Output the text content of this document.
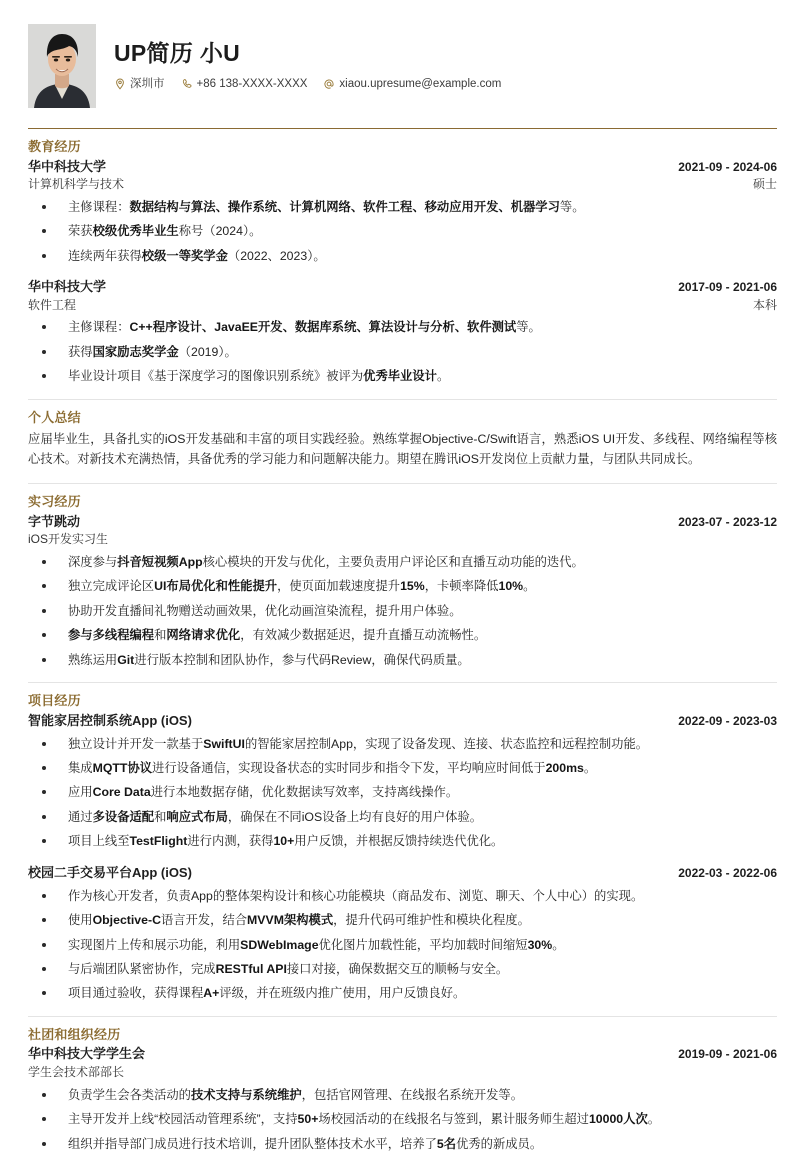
UP简历 小U
深圳市	+86 138-XXXX-XXXX	xiaou.upresume@example.com
教育经历
华中科技大学	2021-09 - 2024-06
计算机科学与技术	硕士
主修课程：数据结构与算法、操作系统、计算机网络、软件工程、移动应用开发、机器学习等。
荣获校级优秀毕业生称号（2024）。
连续两年获得校级一等奖学金（2022、2023）。
华中科技大学	2017-09 - 2021-06
软件工程	本科
主修课程：C++程序设计、JavaEE开发、数据库系统、算法设计与分析、软件测试等。
获得国家励志奖学金（2019）。
毕业设计项目《基于深度学习的图像识别系统》被评为优秀毕业设计。
个人总结

应届毕业生，具备扎实的iOS开发基础和丰富的项目实践经验。熟练掌握Objective-C/Swift语言，熟悉iOS UI开发、多线程、网络编程等核心技术。对新技术充满热情，具备优秀的学习能力和问题解决能力。期望在腾讯iOS开发岗位上贡献力量，与团队共同成长。

实习经历
字节跳动	2023-07 - 2023-12
iOS开发实习生
深度参与抖音短视频App核心模块的开发与优化，主要负责用户评论区和直播互动功能的迭代。
独立完成评论区UI布局优化和性能提升，使页面加载速度提升15%，卡顿率降低10%。
协助开发直播间礼物赠送动画效果，优化动画渲染流程，提升用户体验。
参与多线程编程和网络请求优化，有效减少数据延迟，提升直播互动流畅性。
熟练运用Git进行版本控制和团队协作，参与代码Review，确保代码质量。
项目经历
智能家居控制系统App (iOS)	2022-09 - 2023-03
独立设计并开发一款基于SwiftUI的智能家居控制App，实现了设备发现、连接、状态监控和远程控制功能。
集成MQTT协议进行设备通信，实现设备状态的实时同步和指令下发，平均响应时间低于200ms。
应用Core Data进行本地数据存储，优化数据读写效率，支持离线操作。
通过多设备适配和响应式布局，确保在不同iOS设备上均有良好的用户体验。
项目上线至TestFlight进行内测，获得10+用户反馈，并根据反馈持续迭代优化。
校园二手交易平台App (iOS)	2022-03 - 2022-06
作为核心开发者，负责App的整体架构设计和核心功能模块（商品发布、浏览、聊天、个人中心）的实现。
使用Objective-C语言开发，结合MVVM架构模式，提升代码可维护性和模块化程度。
实现图片上传和展示功能，利用SDWebImage优化图片加载性能，平均加载时间缩短30%。
与后端团队紧密协作，完成RESTful API接口对接，确保数据交互的顺畅与安全。
项目通过验收，获得课程A+评级，并在班级内推广使用，用户反馈良好。
社团和组织经历
华中科技大学学生会	2019-09 - 2021-06
学生会技术部部长
负责学生会各类活动的技术支持与系统维护，包括官网管理、在线报名系统开发等。
主导开发并上线“校园活动管理系统”，支持50+场校园活动的在线报名与签到，累计服务师生超过10000人次。
组织并指导部门成员进行技术培训，提升团队整体技术水平，培养了5名优秀的新成员。
